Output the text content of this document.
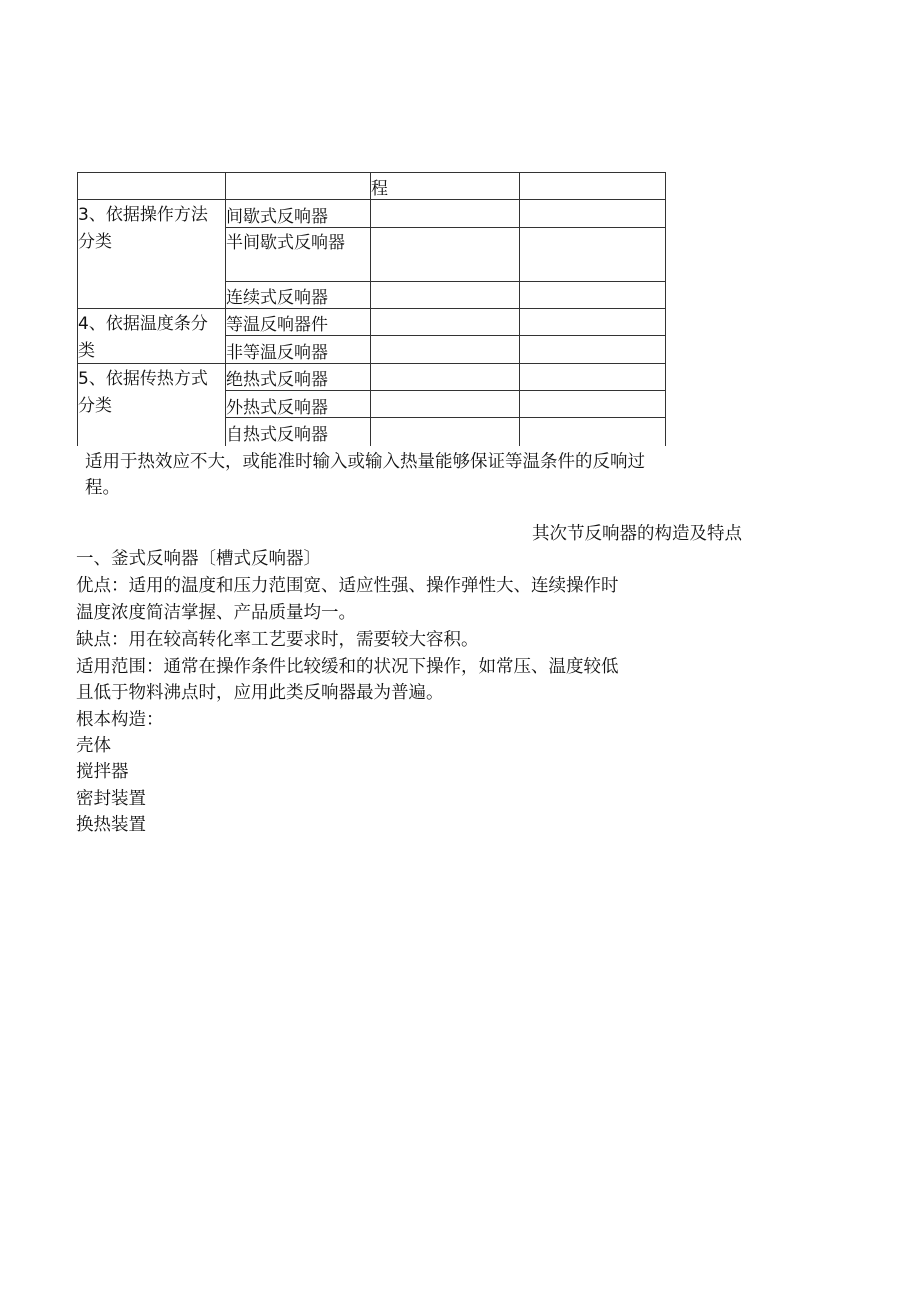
程
3、依据操作方法分类
间歇式反响器
半间歇式反响器
连续式反响器
4、依据温度条分类
等温反响器件
非等温反响器
5、依据传热方式分类
绝热式反响器
外热式反响器
自热式反响器
适用于热效应不大，或能准时输入或输入热量能够保证等温条件的反响过程。
其次节反响器的构造及特点
一、釜式反响器〔槽式反响器〕
优点：适用的温度和压力范围宽、适应性强、操作弹性大、连续操作时
温度浓度简洁掌握、产品质量均一。
缺点：用在较高转化率工艺要求时，需要较大容积。
适用范围：通常在操作条件比较缓和的状况下操作，如常压、温度较低
且低于物料沸点时，应用此类反响器最为普遍。
根本构造：
壳体
搅拌器
密封装置
换热装置
